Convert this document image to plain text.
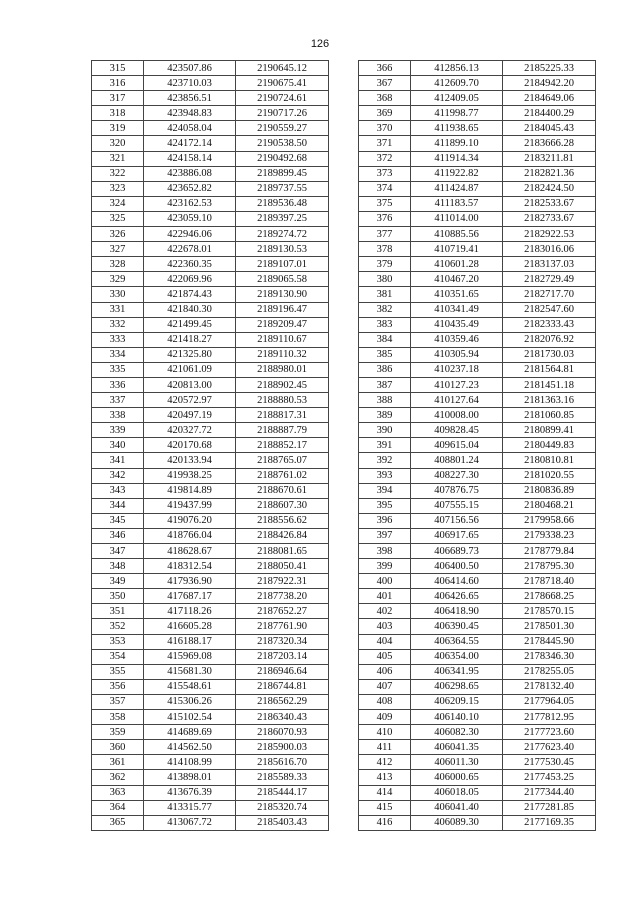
126
315	423507.86	2190645.12
316	423710.03	2190675.41
317	423856.51	2190724.61
318	423948.83	2190717.26
319	424058.04	2190559.27
320	424172.14	2190538.50
321	424158.14	2190492.68
322	423886.08	2189899.45
323	423652.82	2189737.55
324	423162.53	2189536.48
325	423059.10	2189397.25
326	422946.06	2189274.72
327	422678.01	2189130.53
328	422360.35	2189107.01
329	422069.96	2189065.58
330	421874.43	2189130.90
331	421840.30	2189196.47
332	421499.45	2189209.47
333	421418.27	2189110.67
334	421325.80	2189110.32
335	421061.09	2188980.01
336	420813.00	2188902.45
337	420572.97	2188880.53
338	420497.19	2188817.31
339	420327.72	2188887.79
340	420170.68	2188852.17
341	420133.94	2188765.07
342	419938.25	2188761.02
343	419814.89	2188670.61
344	419437.99	2188607.30
345	419076.20	2188556.62
346	418766.04	2188426.84
347	418628.67	2188081.65
348	418312.54	2188050.41
349	417936.90	2187922.31
350	417687.17	2187738.20
351	417118.26	2187652.27
352	416605.28	2187761.90
353	416188.17	2187320.34
354	415969.08	2187203.14
355	415681.30	2186946.64
356	415548.61	2186744.81
357	415306.26	2186562.29
358	415102.54	2186340.43
359	414689.69	2186070.93
360	414562.50	2185900.03
361	414108.99	2185616.70
362	413898.01	2185589.33
363	413676.39	2185444.17
364	413315.77	2185320.74
365	413067.72	2185403.43
366	412856.13	2185225.33
367	412609.70	2184942.20
368	412409.05	2184649.06
369	411998.77	2184400.29
370	411938.65	2184045.43
371	411899.10	2183666.28
372	411914.34	2183211.81
373	411922.82	2182821.36
374	411424.87	2182424.50
375	411183.57	2182533.67
376	411014.00	2182733.67
377	410885.56	2182922.53
378	410719.41	2183016.06
379	410601.28	2183137.03
380	410467.20	2182729.49
381	410351.65	2182717.70
382	410341.49	2182547.60
383	410435.49	2182333.43
384	410359.46	2182076.92
385	410305.94	2181730.03
386	410237.18	2181564.81
387	410127.23	2181451.18
388	410127.64	2181363.16
389	410008.00	2181060.85
390	409828.45	2180899.41
391	409615.04	2180449.83
392	408801.24	2180810.81
393	408227.30	2181020.55
394	407876.75	2180836.89
395	407555.15	2180468.21
396	407156.56	2179958.66
397	406917.65	2179338.23
398	406689.73	2178779.84
399	406400.50	2178795.30
400	406414.60	2178718.40
401	406426.65	2178668.25
402	406418.90	2178570.15
403	406390.45	2178501.30
404	406364.55	2178445.90
405	406354.00	2178346.30
406	406341.95	2178255.05
407	406298.65	2178132.40
408	406209.15	2177964.05
409	406140.10	2177812.95
410	406082.30	2177723.60
411	406041.35	2177623.40
412	406011.30	2177530.45
413	406000.65	2177453.25
414	406018.05	2177344.40
415	406041.40	2177281.85
416	406089.30	2177169.35
